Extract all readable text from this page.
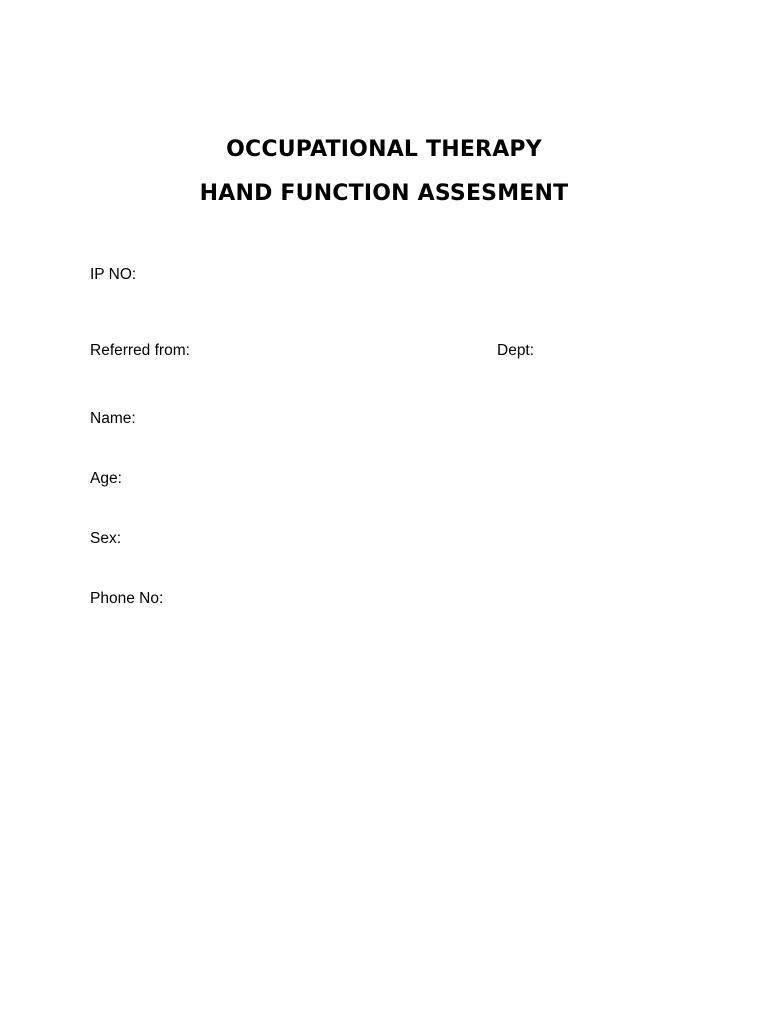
OCCUPATIONAL THERAPY
HAND FUNCTION ASSESMENT
IP NO:
Referred from:	Dept:
Name:
Age:
Sex:
Phone No:
